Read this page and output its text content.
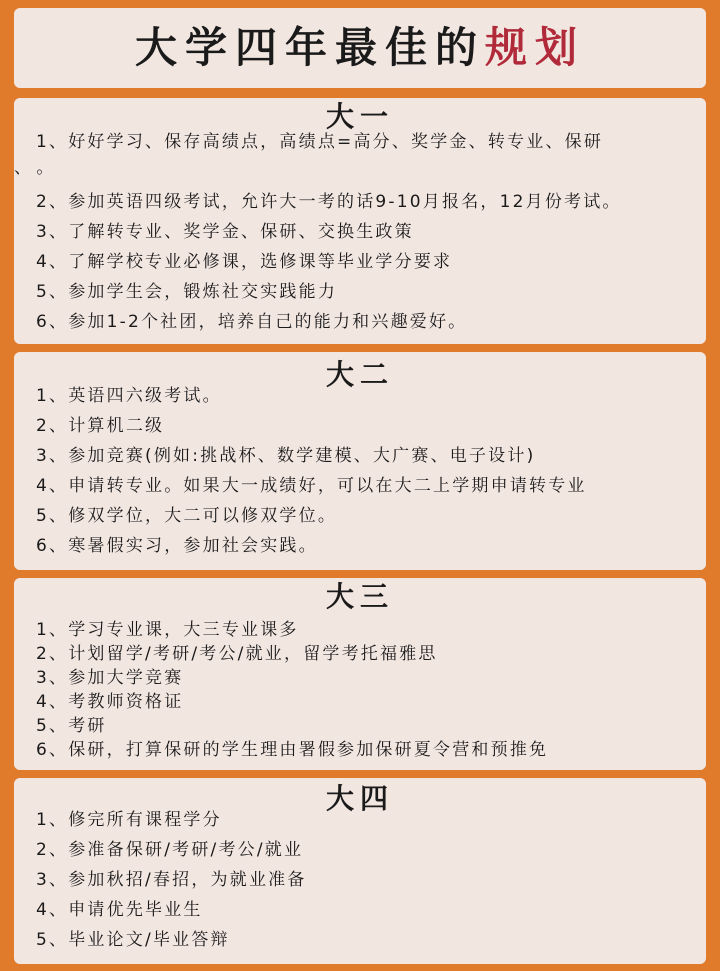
大学四年最佳的规划
大一
1、好好学习、保存高绩点，高绩点=高分、奖学金、转专业、保研
、 。
2、参加英语四级考试，允许大一考的话9-10月报名，12月份考试。
3、了解转专业、奖学金、保研、交换生政策
4、了解学校专业必修课，选修课等毕业学分要求
5、参加学生会，锻炼社交实践能力
6、参加1-2个社团，培养自己的能力和兴趣爱好。
大二
1、英语四六级考试。
2、计算机二级
3、参加竞赛(例如:挑战杯、数学建模、大广赛、电子设计)
4、申请转专业。如果大一成绩好，可以在大二上学期申请转专业
5、修双学位，大二可以修双学位。
6、寒暑假实习，参加社会实践。
大三
1、学习专业课，大三专业课多
2、计划留学/考研/考公/就业，留学考托福雅思
3、参加大学竞赛
4、考教师资格证
5、考研
6、保研，打算保研的学生理由署假参加保研夏令营和预推免
大四
1、修完所有课程学分
2、参准备保研/考研/考公/就业
3、参加秋招/春招，为就业准备
4、申请优先毕业生
5、毕业论文/毕业答辩
